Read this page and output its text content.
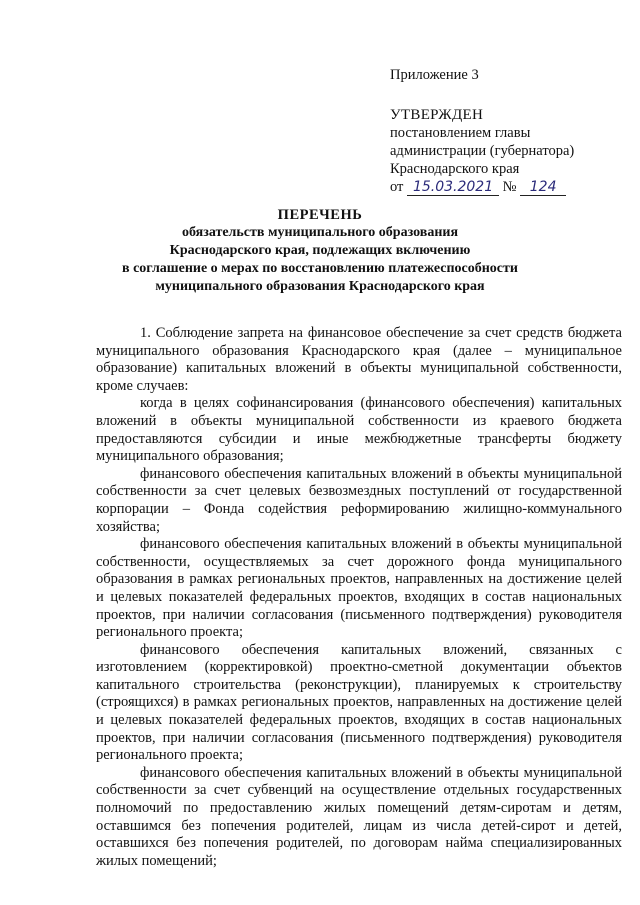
Приложение 3
УТВЕРЖДЕН
постановлением главы
администрации (губернатора)
Краснодарского края
от 15.03.2021 № 124
ПЕРЕЧЕНЬ
обязательств муниципального образования
Краснодарского края, подлежащих включению
в соглашение о мерах по восстановлению платежеспособности
муниципального образования Краснодарского края

1. Соблюдение запрета на финансовое обеспечение за счет средств бюджета муниципального образования Краснодарского края (далее – муниципальное образование) капитальных вложений в объекты муниципальной собственности, кроме случаев:

когда в целях софинансирования (финансового обеспечения) капитальных вложений в объекты муниципальной собственности из краевого бюджета предоставляются субсидии и иные межбюджетные трансферты бюджету муниципального образования;

финансового обеспечения капитальных вложений в объекты муниципальной собственности за счет целевых безвозмездных поступлений от государственной корпорации – Фонда содействия реформированию жилищно-коммунального хозяйства;

финансового обеспечения капитальных вложений в объекты муниципальной собственности, осуществляемых за счет дорожного фонда муниципального образования в рамках региональных проектов, направленных на достижение целей и целевых показателей федеральных проектов, входящих в состав национальных проектов, при наличии согласования (письменного подтверждения) руководителя регионального проекта;

финансового обеспечения капитальных вложений, связанных с изготовлением (корректировкой) проектно-сметной документации объектов капитального строительства (реконструкции), планируемых к строительству (строящихся) в рамках региональных проектов, направленных на достижение целей и целевых показателей федеральных проектов, входящих в состав национальных проектов, при наличии согласования (письменного подтверждения) руководителя регионального проекта;

финансового обеспечения капитальных вложений в объекты муниципальной собственности за счет субвенций на осуществление отдельных государственных полномочий по предоставлению жилых помещений детям-сиротам и детям, оставшимся без попечения родителей, лицам из числа детей-сирот и детей, оставшихся без попечения родителей, по договорам найма специализированных жилых помещений;
